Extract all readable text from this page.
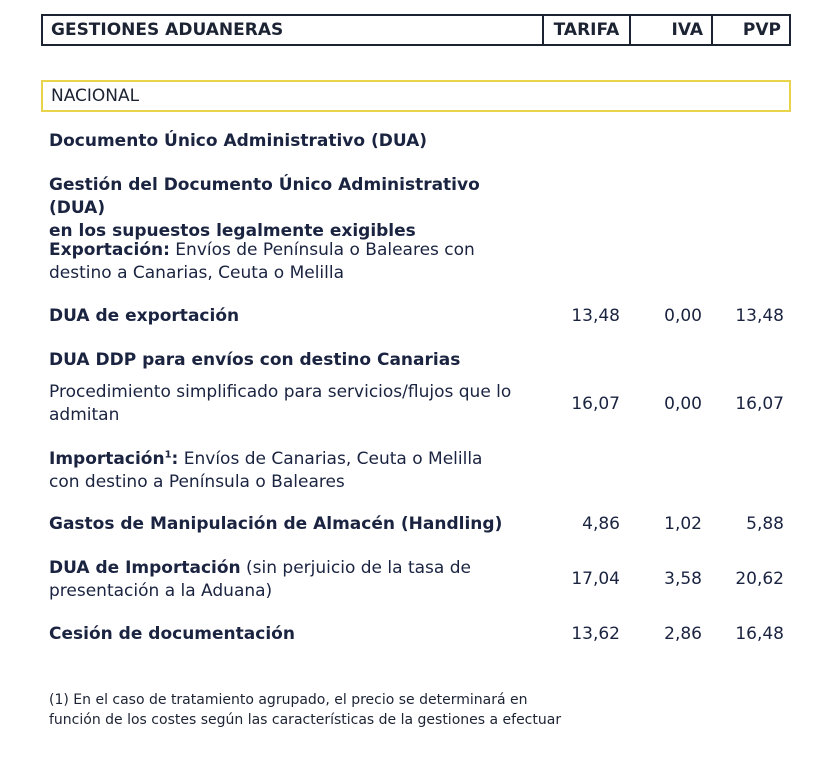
GESTIONES ADUANERAS	TARIFA	IVA	PVP
NACIONAL
Documento Único Administrativo (DUA)
Gestión del Documento Único Administrativo (DUA)
en los supuestos legalmente exigibles
Exportación: Envíos de Península o Baleares con
destino a Canarias, Ceuta o Melilla
DUA de exportación	13,48	0,00 13,48
DUA DDP para envíos con destino Canarias
Procedimiento simplificado para servicios/flujos que lo
admitan
16,07	0,00 16,07
Importación$^1$: Envíos de Canarias, Ceuta o Melilla
con destino a Península o Baleares
Gastos de Manipulación de Almacén (Handling)	4,86	1,02	5,88
DUA de Importación (sin perjuicio de la tasa de
presentación a la Aduana)
17,04	3,58 20,62
Cesión de documentación	13,62	2,86 16,48
(1) En el caso de tratamiento agrupado, el precio se determinará en
función de los costes según las características de la gestiones a efectuar
